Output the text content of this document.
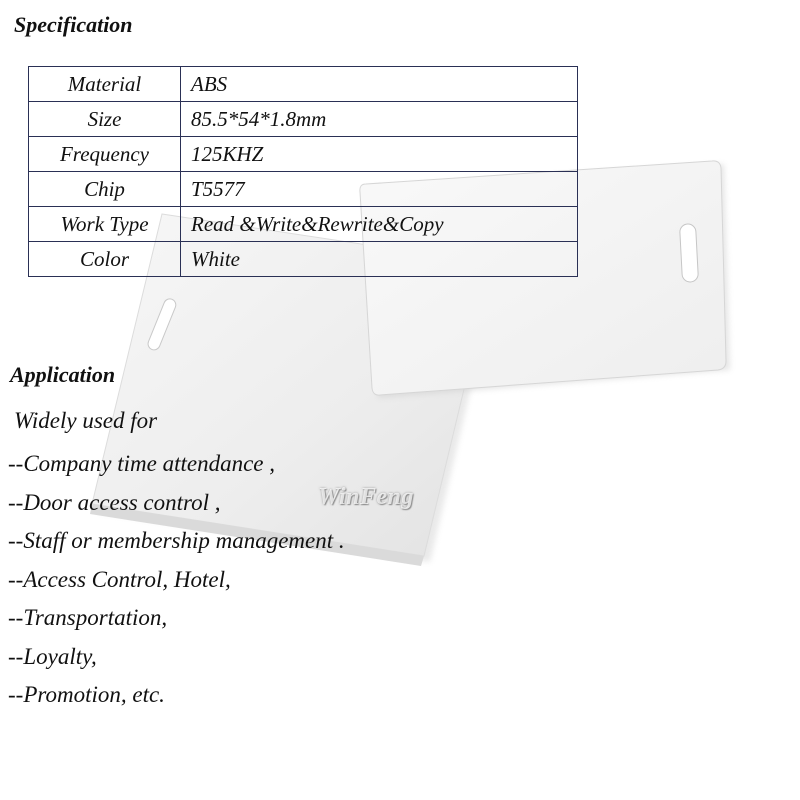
Specification
Material	ABS
Size	85.5*54*1.8mm
Frequency	125KHZ
Chip	T5577
Work Type	Read &Write&Rewrite&Copy
Color	White
WinFeng
Application

Widely used for

--Company time attendance ,
--Door access control ,
--Staff or membership management .
--Access Control, Hotel,
--Transportation,
--Loyalty,
--Promotion, etc.
